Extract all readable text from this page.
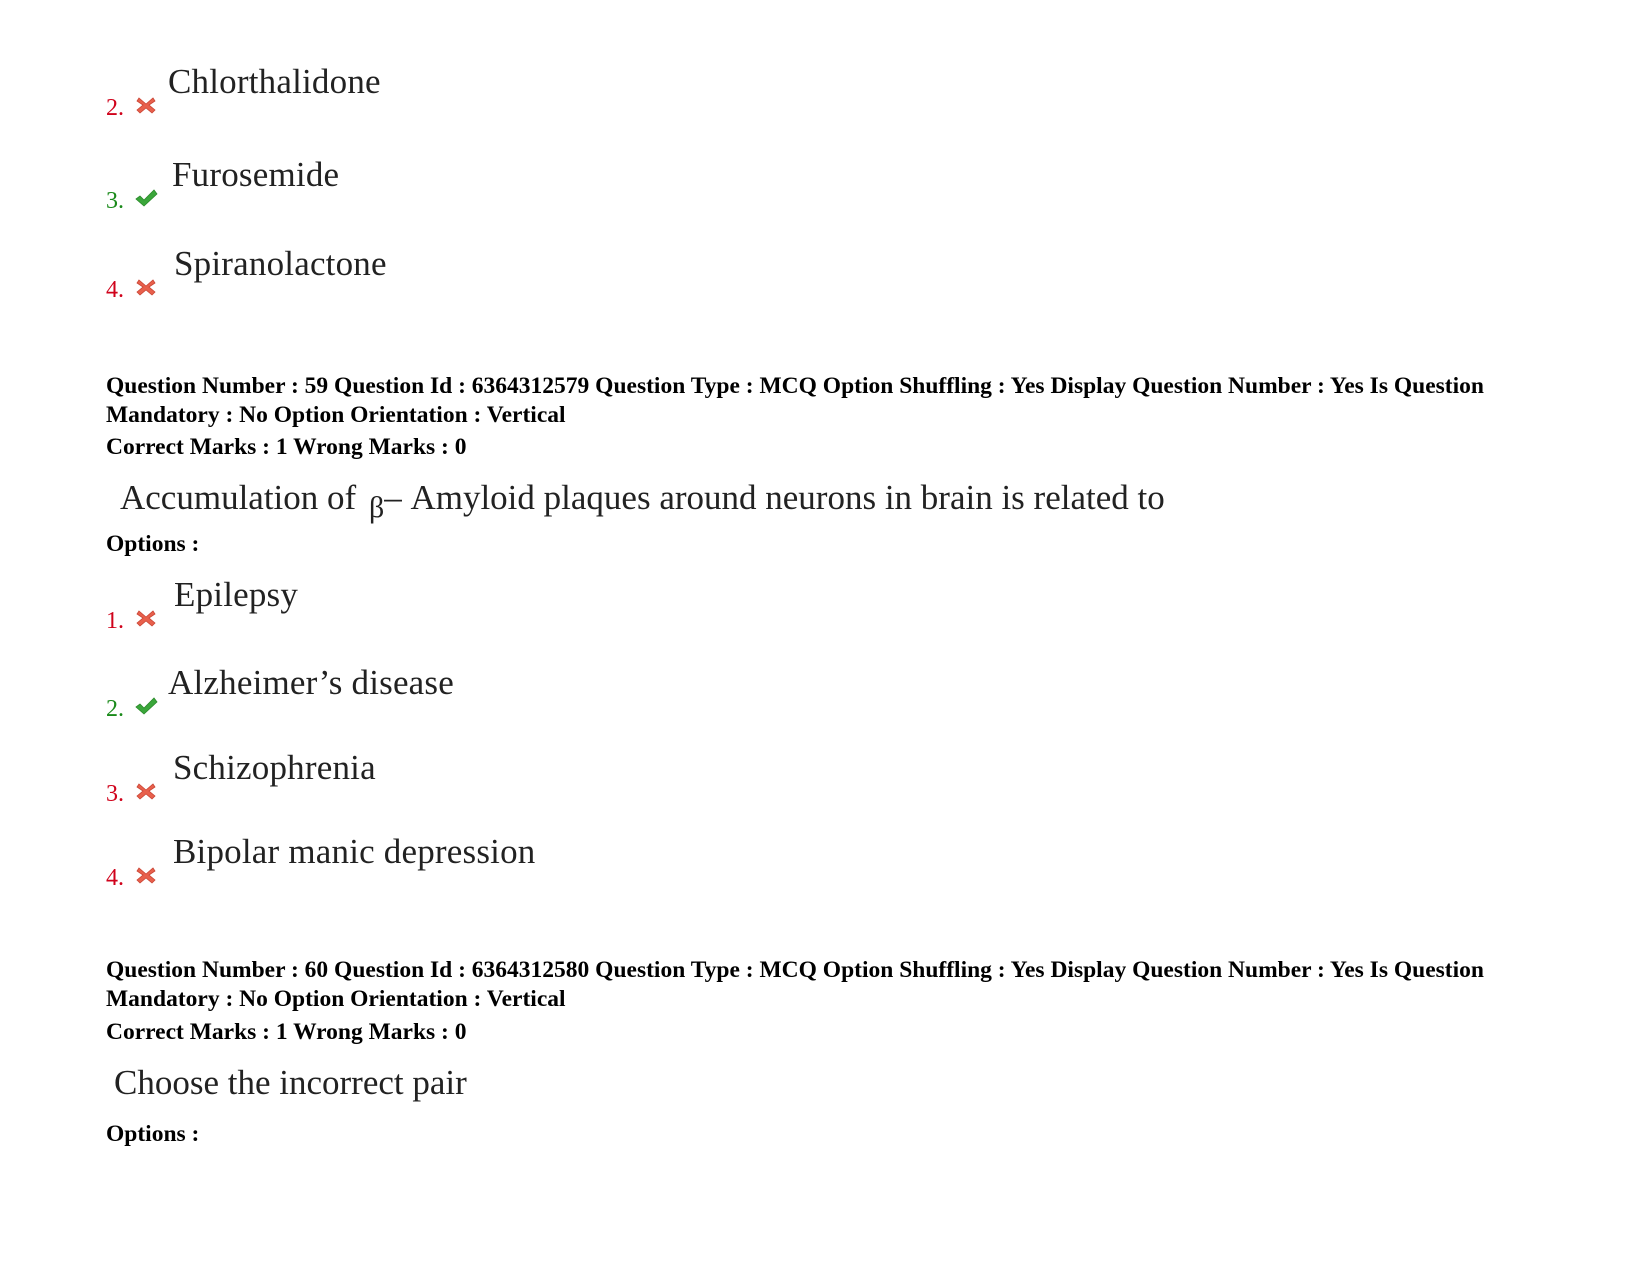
2.
Chlorthalidone
3.
Furosemide
4.
Spiranolactone
Question Number : 59 Question Id : 6364312579 Question Type : MCQ Option Shuffling : Yes Display Question Number : Yes Is Question Mandatory : No Option Orientation : Vertical
Correct Marks : 1 Wrong Marks : 0
Accumulation of β– Amyloid plaques around neurons in brain is related to
Options :
1.
Epilepsy
2.
Alzheimer’s disease
3.
Schizophrenia
4.
Bipolar manic depression
Question Number : 60 Question Id : 6364312580 Question Type : MCQ Option Shuffling : Yes Display Question Number : Yes Is Question Mandatory : No Option Orientation : Vertical
Correct Marks : 1 Wrong Marks : 0
Choose the incorrect pair
Options :
